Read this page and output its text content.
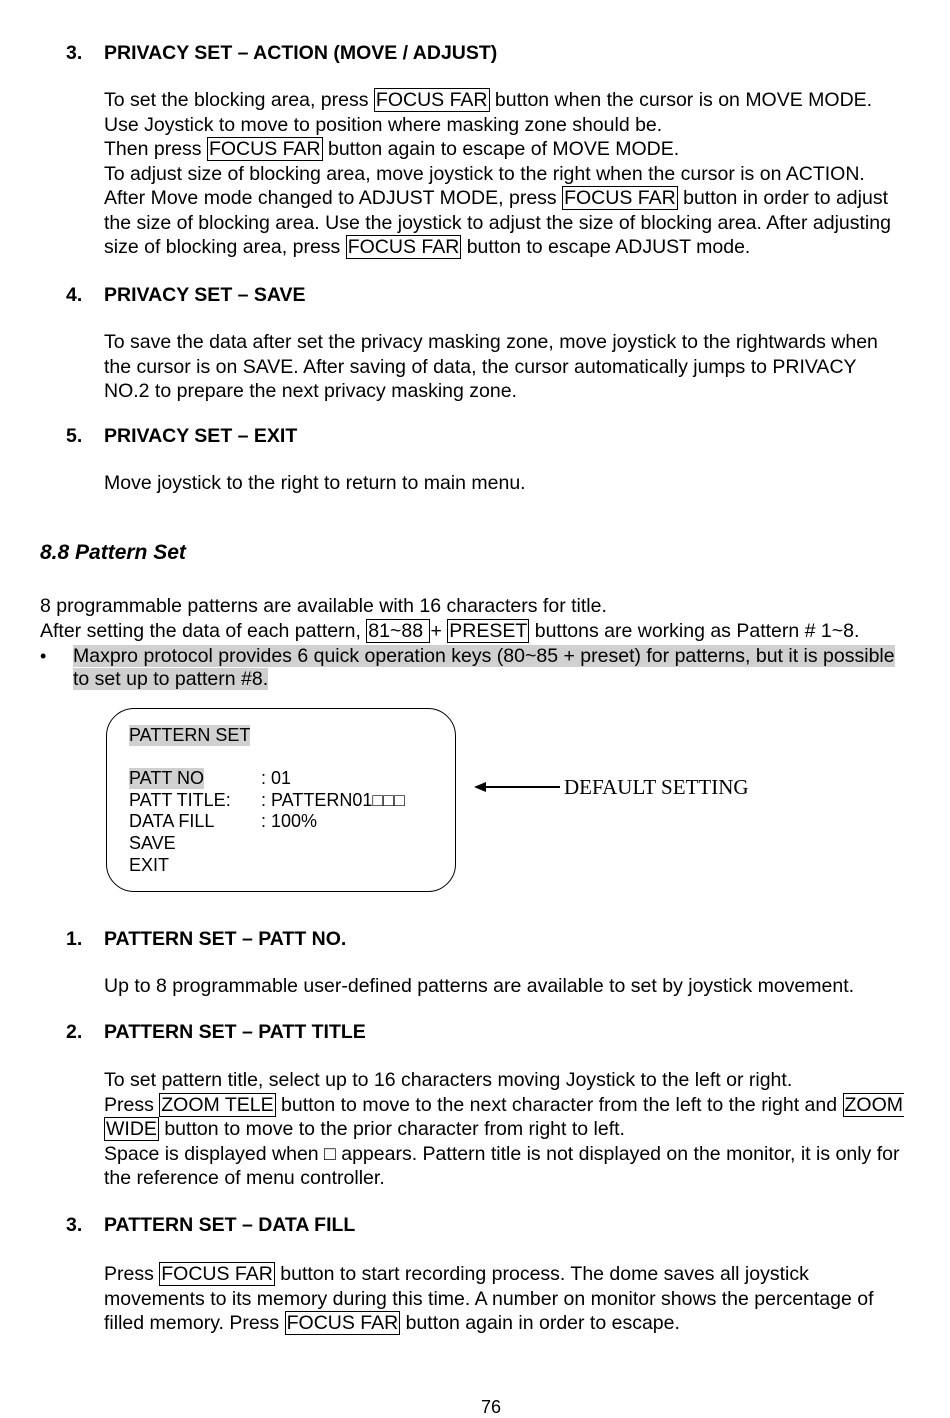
3. PRIVACY SET – ACTION (MOVE / ADJUST)
To set the blocking area, press FOCUS FAR button when the cursor is on MOVE MODE.
Use Joystick to move to position where masking zone should be.
Then press FOCUS FAR button again to escape of MOVE MODE.
To adjust size of blocking area, move joystick to the right when the cursor is on ACTION.
After Move mode changed to ADJUST MODE, press FOCUS FAR button in order to adjust
the size of blocking area. Use the joystick to adjust the size of blocking area. After adjusting
size of blocking area, press FOCUS FAR button to escape ADJUST mode.
4. PRIVACY SET – SAVE
To save the data after set the privacy masking zone, move joystick to the rightwards when
the cursor is on SAVE. After saving of data, the cursor automatically jumps to PRIVACY
NO.2 to prepare the next privacy masking zone.
5. PRIVACY SET – EXIT
Move joystick to the right to return to main menu.
8.8 Pattern Set
8 programmable patterns are available with 16 characters for title.
After setting the data of each pattern, 81~88 + PRESET buttons are working as Pattern # 1~8.
• Maxpro protocol provides 6 quick operation keys (80~85 + preset) for patterns, but it is possible
to set up to pattern #8.
PATTERN SET
PATT NO	: 01
PATT TITLE: : PATTERN01□□□
DATA FILL	: 100%
SAVE
EXIT
DEFAULT SETTING
1. PATTERN SET – PATT NO.
Up to 8 programmable user-defined patterns are available to set by joystick movement.
2. PATTERN SET – PATT TITLE
To set pattern title, select up to 16 characters moving Joystick to the left or right.
Press ZOOM TELE button to move to the next character from the left to the right and ZOOM
WIDE button to move to the prior character from right to left.
Space is displayed when □ appears. Pattern title is not displayed on the monitor, it is only for
the reference of menu controller.
3. PATTERN SET – DATA FILL
Press FOCUS FAR button to start recording process. The dome saves all joystick
movements to its memory during this time. A number on monitor shows the percentage of
filled memory. Press FOCUS FAR button again in order to escape.
76
